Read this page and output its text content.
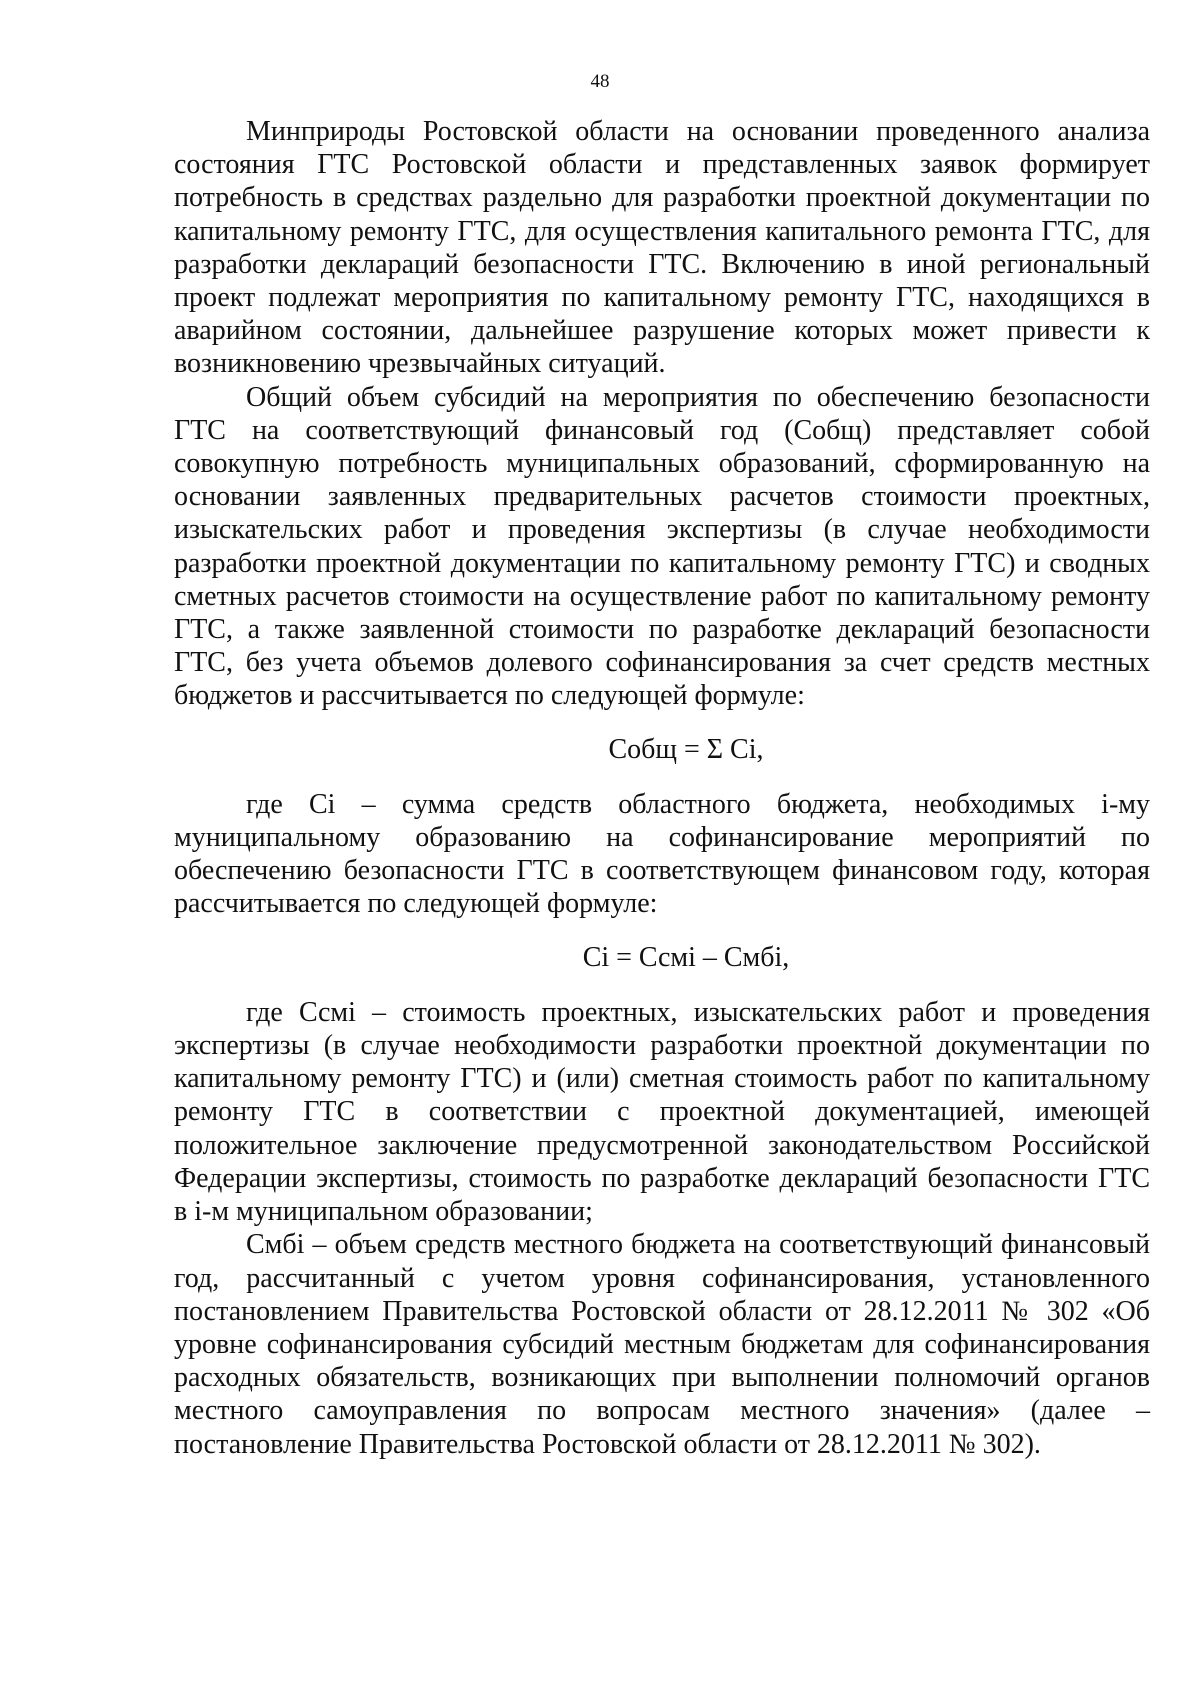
48

Минприроды Ростовской области на основании проведенного анализа состояния ГТС Ростовской области и представленных заявок формирует потребность в средствах раздельно для разработки проектной документации по капитальному ремонту ГТС, для осуществления капитального ремонта ГТС, для разработки деклараций безопасности ГТС. Включению в иной региональный проект подлежат мероприятия по капитальному ремонту ГТС, находящихся в аварийном состоянии, дальнейшее разрушение которых может привести к возникновению чрезвычайных ситуаций.

Общий объем субсидий на мероприятия по обеспечению безопасности ГТС на соответствующий финансовый год (Собщ) представляет собой совокупную потребность муниципальных образований, сформированную на основании заявленных предварительных расчетов стоимости проектных, изыскательских работ и проведения экспертизы (в случае необходимости разработки проектной документации по капитальному ремонту ГТС) и сводных сметных расчетов стоимости на осуществление работ по капитальному ремонту ГТС, а также заявленной стоимости по разработке деклараций безопасности ГТС, без учета объемов долевого софинансирования за счет средств местных бюджетов и рассчитывается по следующей формуле:

Собщ = Σ Сi,

где Сi – сумма средств областного бюджета, необходимых i-му муниципальному образованию на софинансирование мероприятий по обеспечению безопасности ГТС в соответствующем финансовом году, которая рассчитывается по следующей формуле:

Сi = Ссмi – Смбi,

где Ссмi – стоимость проектных, изыскательских работ и проведения экспертизы (в случае необходимости разработки проектной документации по капитальному ремонту ГТС) и (или) сметная стоимость работ по капитальному ремонту ГТС в соответствии с проектной документацией, имеющей положительное заключение предусмотренной законодательством Российской Федерации экспертизы, стоимость по разработке деклараций безопасности ГТС в i-м муниципальном образовании;

Смбi – объем средств местного бюджета на соответствующий финансовый год, рассчитанный с учетом уровня софинансирования, установленного постановлением Правительства Ростовской области от 28.12.2011 № 302 «Об уровне софинансирования субсидий местным бюджетам для софинансирования расходных обязательств, возникающих при выполнении полномочий органов местного самоуправления по вопросам местного значения» (далее – постановление Правительства Ростовской области от 28.12.2011 № 302).
